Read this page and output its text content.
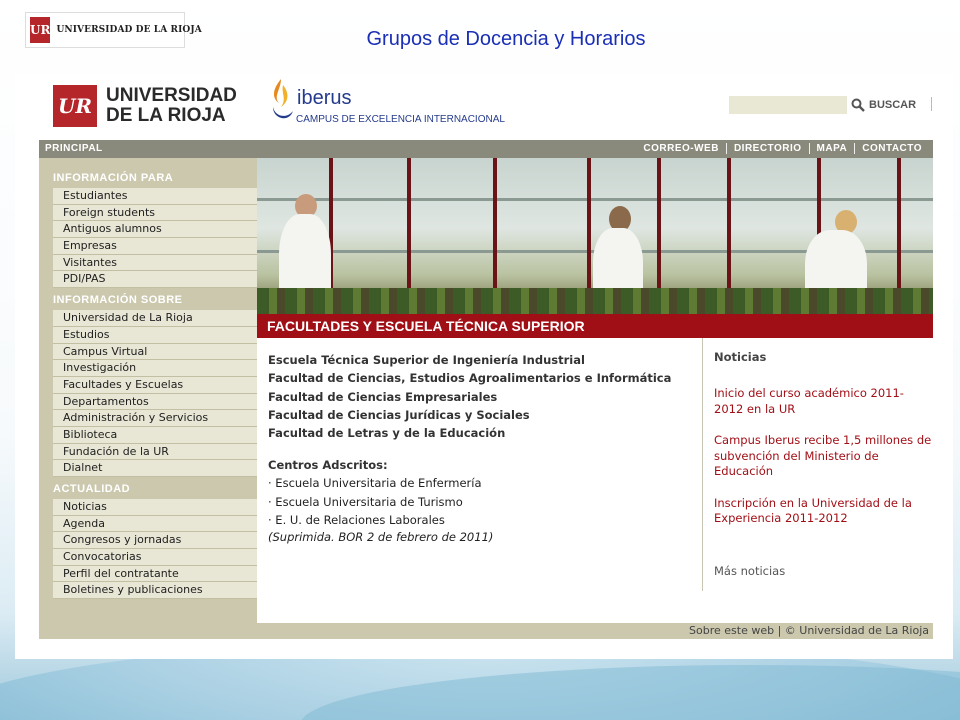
UR UNIVERSIDAD DE LA RIOJA	Grupos de Docencia y Horarios
UR UNIVERSIDAD
DE LA RIOJA
iberus
CAMPUS DE EXCELENCIA INTERNACIONAL
BUSCAR
PRINCIPAL	CORREO-WEB	DIRECTORIO	MAPA	CONTACTO
INFORMACIÓN PARA
Estudiantes
Foreign students
Antiguos alumnos
Empresas
Visitantes
PDI/PAS
INFORMACIÓN SOBRE
Universidad de La Rioja
Estudios
Campus Virtual
Investigación
Facultades y Escuelas
Departamentos
Administración y Servicios
Biblioteca
Fundación de la UR
Dialnet
ACTUALIDAD
Noticias
Agenda
Congresos y jornadas
Convocatorias
Perfil del contratante
Boletines y publicaciones
FACULTADES Y ESCUELA TÉCNICA SUPERIOR
Escuela Técnica Superior de Ingeniería Industrial
Facultad de Ciencias, Estudios Agroalimentarios e Informática
Facultad de Ciencias Empresariales
Facultad de Ciencias Jurídicas y Sociales
Facultad de Letras y de la Educación
Centros Adscritos:
· Escuela Universitaria de Enfermería
· Escuela Universitaria de Turismo
· E. U. de Relaciones Laborales
(Suprimida. BOR 2 de febrero de 2011)
Noticias
Inicio del curso académico 2011-2012 en la UR
Campus Iberus recibe 1,5 millones de subvención del Ministerio de Educación
Inscripción en la Universidad de la Experiencia 2011-2012
Más noticias
Sobre este web | © Universidad de La Rioja
